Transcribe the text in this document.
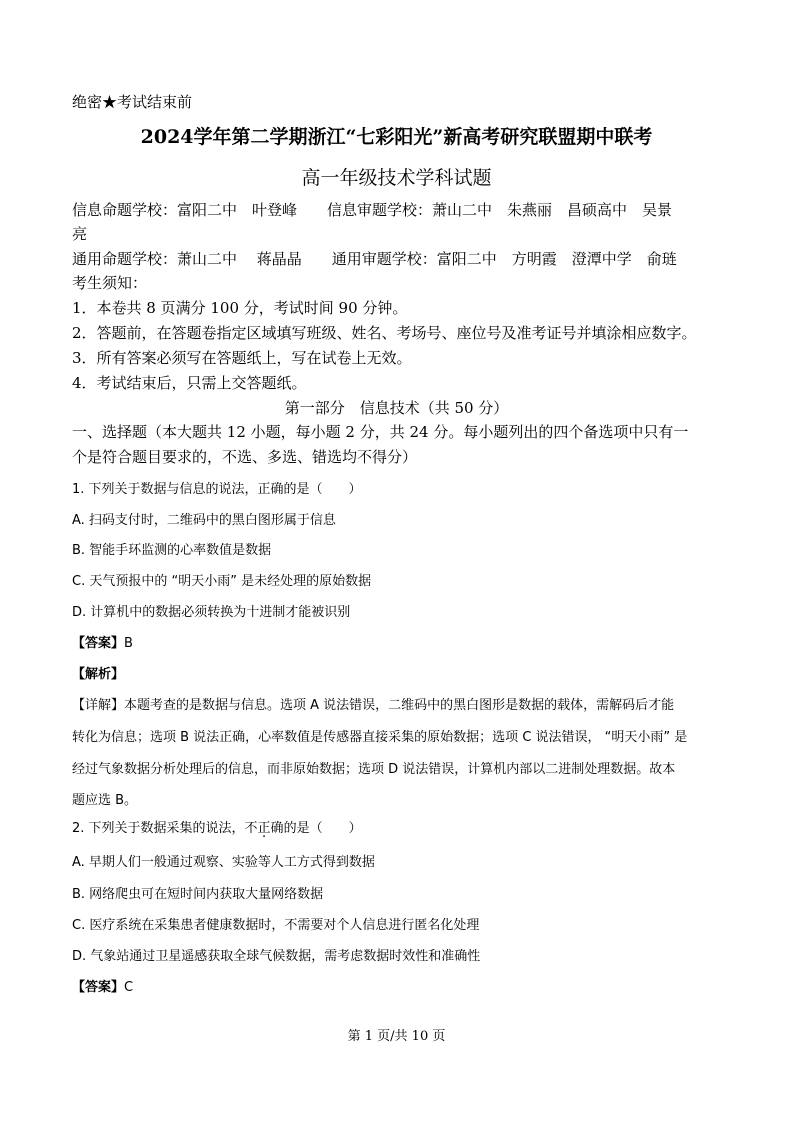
绝密★考试结束前
2024学年第二学期浙江“七彩阳光”新高考研究联盟期中联考
高一年级技术学科试题
信息命题学校：富阳二中　叶登峰　　信息审题学校：萧山二中　朱燕丽　昌硕高中　吴景
亮
通用命题学校：萧山二中　 蒋晶晶　　通用审题学校：富阳二中　方明霞　澄潭中学　俞琏
考生须知：
1．本卷共 8 页满分 100 分，考试时间 90 分钟。
2．答题前，在答题卷指定区域填写班级、姓名、考场号、座位号及准考证号并填涂相应数字。
3．所有答案必须写在答题纸上，写在试卷上无效。
4．考试结束后，只需上交答题纸。
第一部分　信息技术（共 50 分）
一、选择题（本大题共 12 小题，每小题 2 分，共 24 分。每小题列出的四个备选项中只有一
个是符合题目要求的，不选、多选、错选均不得分）
1. 下列关于数据与信息的说法，正确的是（　　）
A. 扫码支付时，二维码中的黑白图形属于信息
B. 智能手环监测的心率数值是数据
C. 天气预报中的 “明天小雨” 是未经处理的原始数据
D. 计算机中的数据必须转换为十进制才能被识别
【答案】B
【解析】
【详解】本题考查的是数据与信息。选项 A 说法错误，二维码中的黑白图形是数据的载体，需解码后才能
转化为信息；选项 B 说法正确，心率数值是传感器直接采集的原始数据；选项 C 说法错误， “明天小雨” 是
经过气象数据分析处理后的信息，而非原始数据；选项 D 说法错误，计算机内部以二进制处理数据。故本
题应选 B。
2. 下列关于数据采集的说法，不正确的是（　　）
A. 早期人们一般通过观察、实验等人工方式得到数据
B. 网络爬虫可在短时间内获取大量网络数据
C. 医疗系统在采集患者健康数据时，不需要对个人信息进行匿名化处理
D. 气象站通过卫星遥感获取全球气候数据，需考虑数据时效性和准确性
【答案】C
第 1 页/共 10 页
